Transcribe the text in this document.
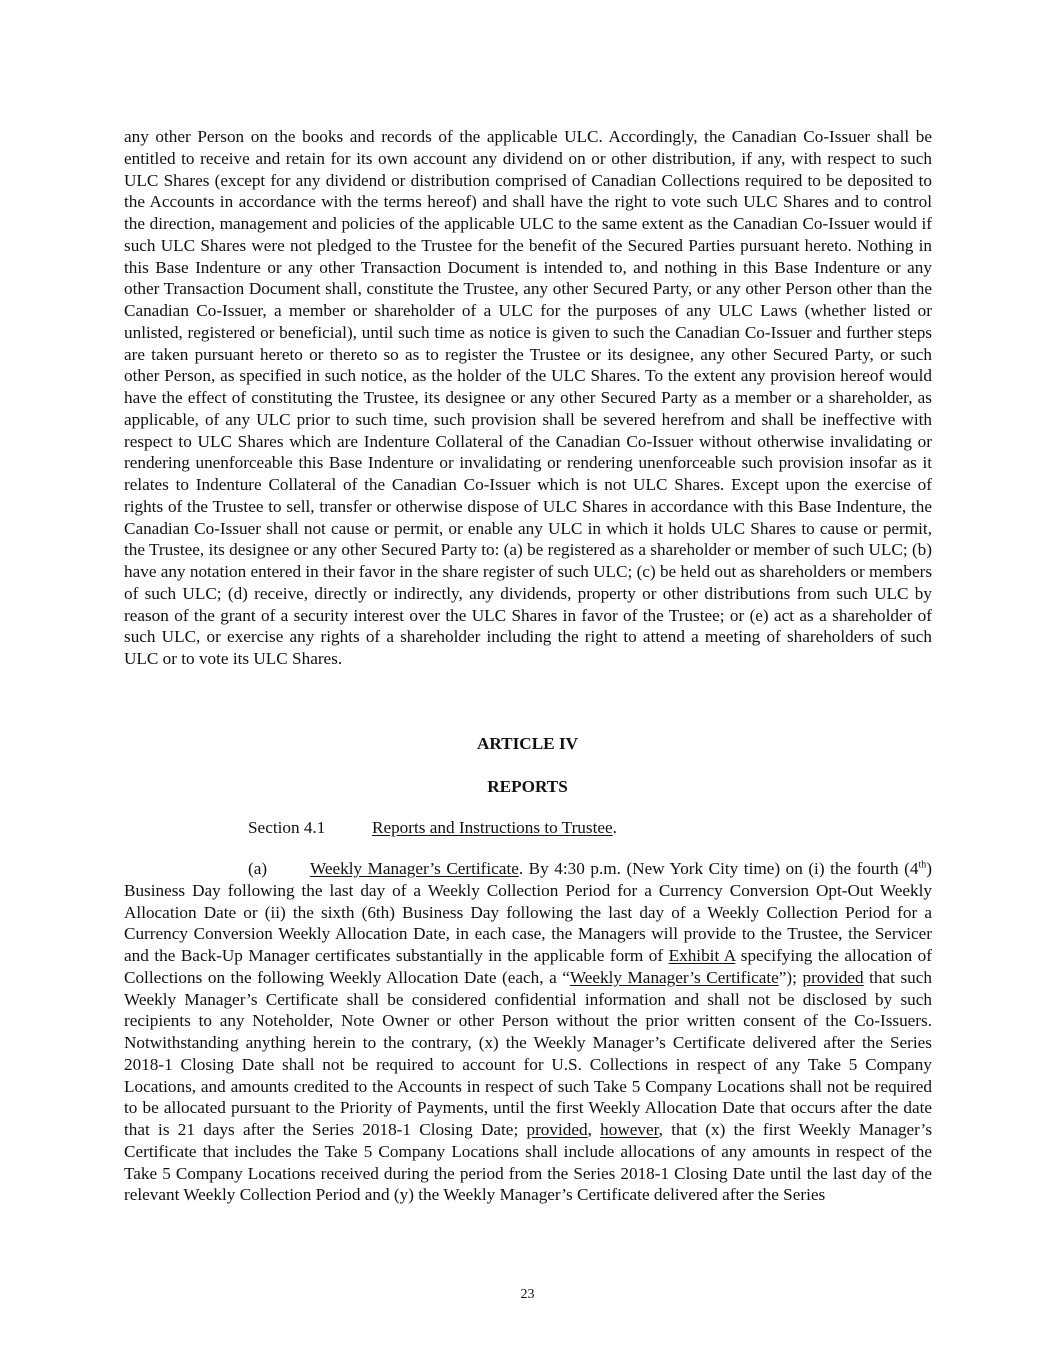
any other Person on the books and records of the applicable ULC. Accordingly, the Canadian Co-Issuer shall be entitled to receive and retain for its own account any dividend on or other distribution, if any, with respect to such ULC Shares (except for any dividend or distribution comprised of Canadian Collections required to be deposited to the Accounts in accordance with the terms hereof) and shall have the right to vote such ULC Shares and to control the direction, management and policies of the applicable ULC to the same extent as the Canadian Co-Issuer would if such ULC Shares were not pledged to the Trustee for the benefit of the Secured Parties pursuant hereto. Nothing in this Base Indenture or any other Transaction Document is intended to, and nothing in this Base Indenture or any other Transaction Document shall, constitute the Trustee, any other Secured Party, or any other Person other than the Canadian Co-Issuer, a member or shareholder of a ULC for the purposes of any ULC Laws (whether listed or unlisted, registered or beneficial), until such time as notice is given to such the Canadian Co-Issuer and further steps are taken pursuant hereto or thereto so as to register the Trustee or its designee, any other Secured Party, or such other Person, as specified in such notice, as the holder of the ULC Shares. To the extent any provision hereof would have the effect of constituting the Trustee, its designee or any other Secured Party as a member or a shareholder, as applicable, of any ULC prior to such time, such provision shall be severed herefrom and shall be ineffective with respect to ULC Shares which are Indenture Collateral of the Canadian Co-Issuer without otherwise invalidating or rendering unenforceable this Base Indenture or invalidating or rendering unenforceable such provision insofar as it relates to Indenture Collateral of the Canadian Co-Issuer which is not ULC Shares. Except upon the exercise of rights of the Trustee to sell, transfer or otherwise dispose of ULC Shares in accordance with this Base Indenture, the Canadian Co-Issuer shall not cause or permit, or enable any ULC in which it holds ULC Shares to cause or permit, the Trustee, its designee or any other Secured Party to: (a) be registered as a shareholder or member of such ULC; (b) have any notation entered in their favor in the share register of such ULC; (c) be held out as shareholders or members of such ULC; (d) receive, directly or indirectly, any dividends, property or other distributions from such ULC by reason of the grant of a security interest over the ULC Shares in favor of the Trustee; or (e) act as a shareholder of such ULC, or exercise any rights of a shareholder including the right to attend a meeting of shareholders of such ULC or to vote its ULC Shares.

ARTICLE IV
REPORTS
Section 4.1	Reports and Instructions to Trustee.

(a) Weekly Manager’s Certificate. By 4:30 p.m. (New York City time) on (i) the fourth (4th) Business Day following the last day of a Weekly Collection Period for a Currency Conversion Opt-Out Weekly Allocation Date or (ii) the sixth (6th) Business Day following the last day of a Weekly Collection Period for a Currency Conversion Weekly Allocation Date, in each case, the Managers will provide to the Trustee, the Servicer and the Back-Up Manager certificates substantially in the applicable form of Exhibit A specifying the allocation of Collections on the following Weekly Allocation Date (each, a “Weekly Manager’s Certificate”); provided that such Weekly Manager’s Certificate shall be considered confidential information and shall not be disclosed by such recipients to any Noteholder, Note Owner or other Person without the prior written consent of the Co-Issuers. Notwithstanding anything herein to the contrary, (x) the Weekly Manager’s Certificate delivered after the Series 2018-1 Closing Date shall not be required to account for U.S. Collections in respect of any Take 5 Company Locations, and amounts credited to the Accounts in respect of such Take 5 Company Locations shall not be required to be allocated pursuant to the Priority of Payments, until the first Weekly Allocation Date that occurs after the date that is 21 days after the Series 2018-1 Closing Date; provided, however, that (x) the first Weekly Manager’s Certificate that includes the Take 5 Company Locations shall include allocations of any amounts in respect of the Take 5 Company Locations received during the period from the Series 2018-1 Closing Date until the last day of the relevant Weekly Collection Period and (y) the Weekly Manager’s Certificate delivered after the Series

23
